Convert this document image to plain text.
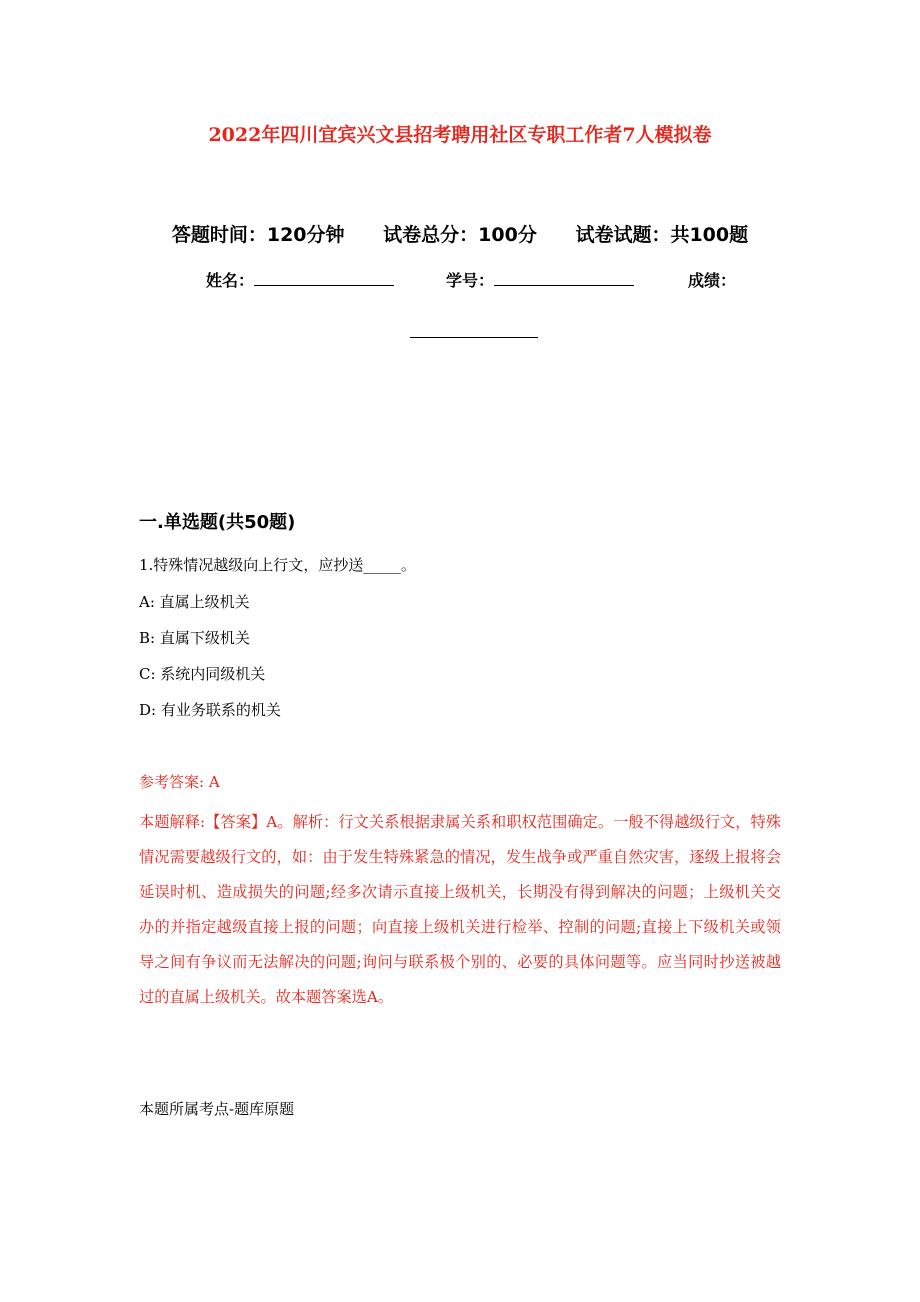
2022年四川宜宾兴文县招考聘用社区专职工作者7人模拟卷
答题时间：120分钟 试卷总分：100分 试卷试题：共100题
姓名：	学号：	成绩：
一.单选题(共50题)

1.特殊情况越级向上行文，应抄送_____。

A: 直属上级机关

B: 直属下级机关

C: 系统内同级机关

D: 有业务联系的机关

参考答案: A

本题解释:【答案】A。解析：行文关系根据隶属关系和职权范围确定。一般不得越级行文，特殊情况需要越级行文的，如：由于发生特殊紧急的情况，发生战争或严重自然灾害，逐级上报将会延误时机、造成损失的问题;经多次请示直接上级机关，长期没有得到解决的问题；上级机关交办的并指定越级直接上报的问题；向直接上级机关进行检举、控制的问题;直接上下级机关或领导之间有争议而无法解决的问题;询问与联系极个别的、必要的具体问题等。应当同时抄送被越过的直属上级机关。故本题答案选A。

本题所属考点-题库原题
